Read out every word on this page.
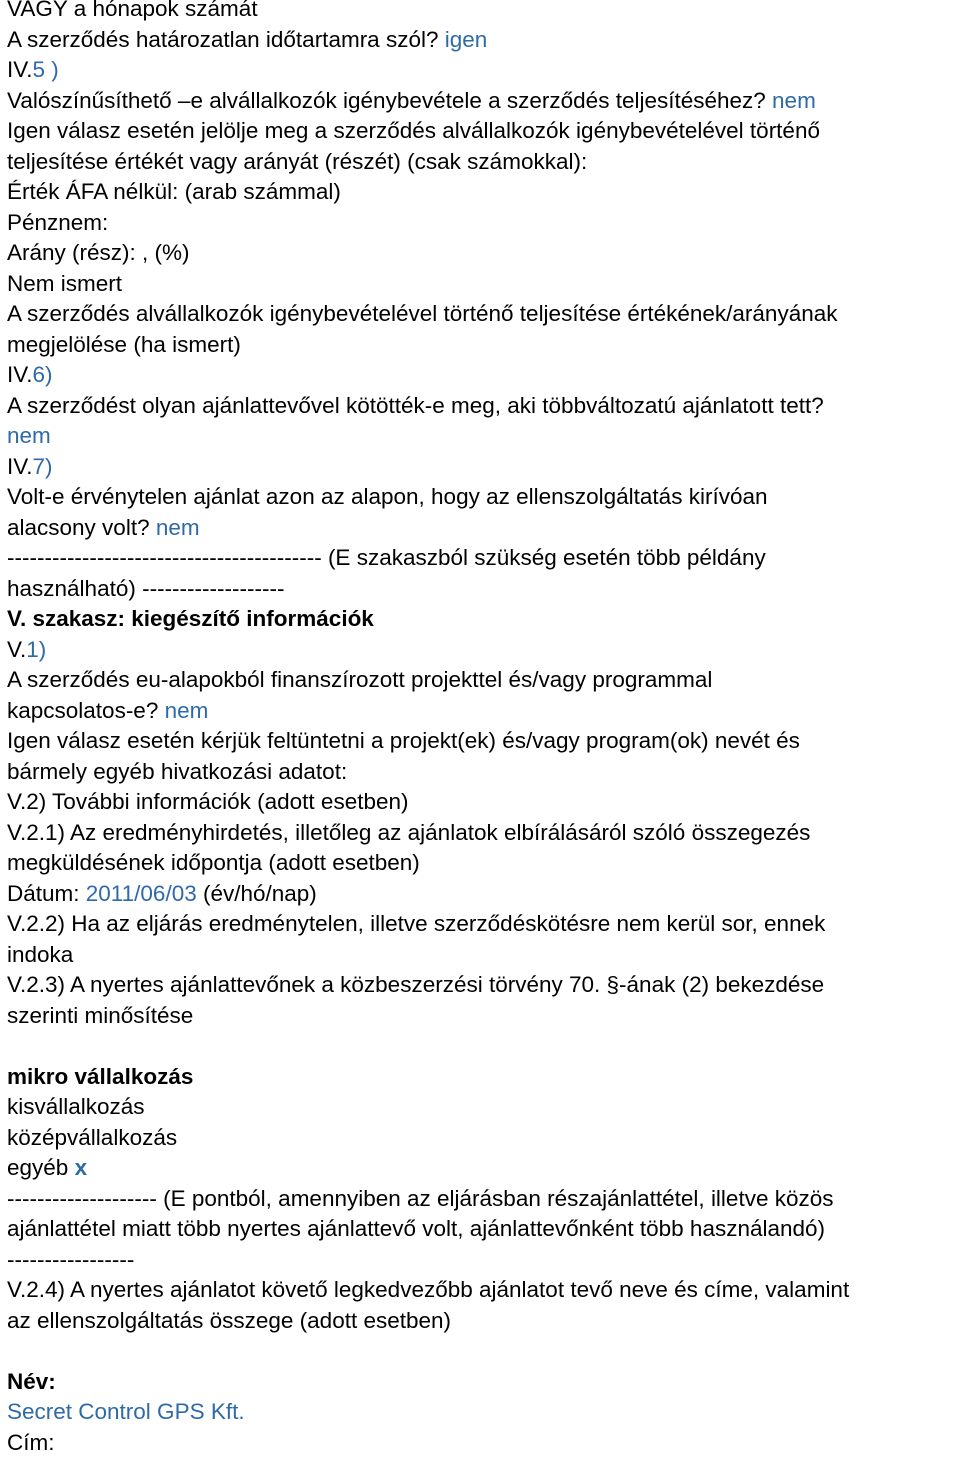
VAGY a hónapok számát
A szerződés határozatlan időtartamra szól? igen
IV.5 )
Valószínűsíthető –e alvállalkozók igénybevétele a szerződés teljesítéséhez? nem
Igen válasz esetén jelölje meg a szerződés alvállalkozók igénybevételével történő
teljesítése értékét vagy arányát (részét) (csak számokkal):
Érték ÁFA nélkül: (arab számmal)
Pénznem:
Arány (rész): , (%)
Nem ismert
A szerződés alvállalkozók igénybevételével történő teljesítése értékének/arányának
megjelölése (ha ismert)
IV.6)
A szerződést olyan ajánlattevővel kötötték-e meg, aki többváltozatú ajánlatott tett?
nem
IV.7)
Volt-e érvénytelen ajánlat azon az alapon, hogy az ellenszolgáltatás kirívóan
alacsony volt? nem
------------------------------------------ (E szakaszból szükség esetén több példány
használható) -------------------
V. szakasz: kiegészítő információk
V.1)
A szerződés eu-alapokból finanszírozott projekttel és/vagy programmal
kapcsolatos-e? nem
Igen válasz esetén kérjük feltüntetni a projekt(ek) és/vagy program(ok) nevét és
bármely egyéb hivatkozási adatot:
V.2) További információk (adott esetben)
V.2.1) Az eredményhirdetés, illetőleg az ajánlatok elbírálásáról szóló összegezés
megküldésének időpontja (adott esetben)
Dátum: 2011/06/03 (év/hó/nap)
V.2.2) Ha az eljárás eredménytelen, illetve szerződéskötésre nem kerül sor, ennek
indoka
V.2.3) A nyertes ajánlattevőnek a közbeszerzési törvény 70. §-ának (2) bekezdése
szerinti minősítése
mikro vállalkozás
kisvállalkozás
középvállalkozás
egyéb x
-------------------- (E pontból, amennyiben az eljárásban részajánlattétel, illetve közös
ajánlattétel miatt több nyertes ajánlattevő volt, ajánlattevőnként több használandó)
-----------------
V.2.4) A nyertes ajánlatot követő legkedvezőbb ajánlatot tevő neve és címe, valamint
az ellenszolgáltatás összege (adott esetben)
Név:
Secret Control GPS Kft.
Cím:
